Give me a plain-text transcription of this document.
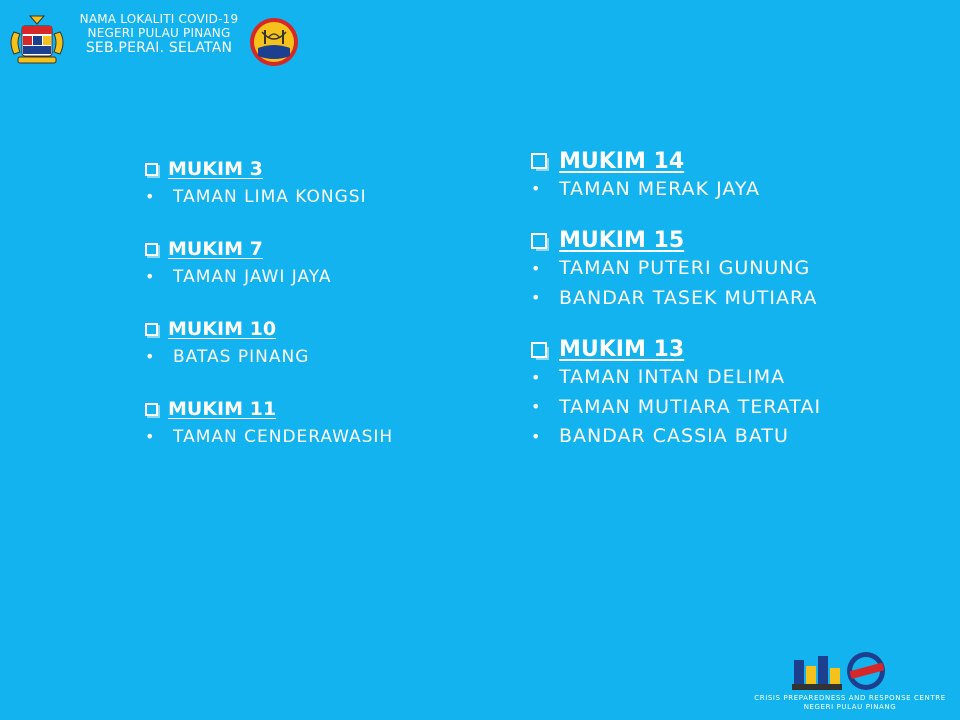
NAMA LOKALITI COVID-19
NEGERI PULAU PINANG
SEB.PERAI. SELATAN
MUKIM 3
•	TAMAN LIMA KONGSI
MUKIM 7
•	TAMAN JAWI JAYA
MUKIM 10
•	BATAS PINANG
MUKIM 11
•	TAMAN CENDERAWASIH
MUKIM 14
• TAMAN MERAK JAYA
MUKIM 15
• TAMAN PUTERI GUNUNG
• BANDAR TASEK MUTIARA
MUKIM 13
• TAMAN INTAN DELIMA
• TAMAN MUTIARA TERATAI
• BANDAR CASSIA BATU
CRISIS PREPAREDNESS AND RESPONSE CENTRE
NEGERI PULAU PINANG
